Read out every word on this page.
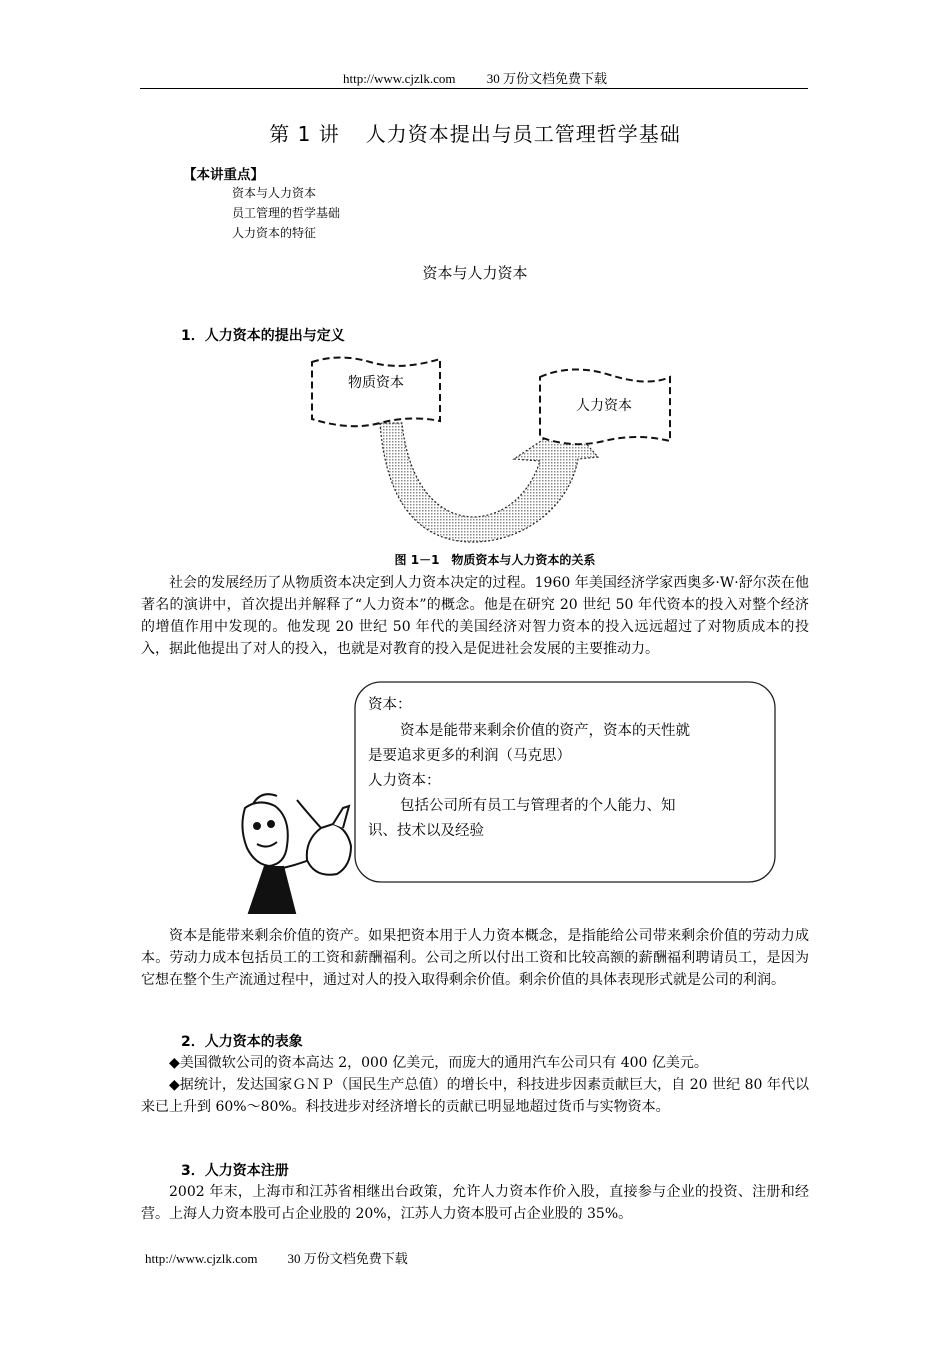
http://www.cjzlk.com 30 万份文档免费下载
第 1 讲 人力资本提出与员工管理哲学基础
【本讲重点】
资本与人力资本
员工管理的哲学基础
人力资本的特征
资本与人力资本
1．人力资本的提出与定义
物质资本
人力资本
图 1－1　物质资本与人力资本的关系
社会的发展经历了从物质资本决定到人力资本决定的过程。1960 年美国经济学家西奥多·W·舒尔茨在他著名的演讲中，首次提出并解释了“人力资本”的概念。他是在研究 20 世纪 50 年代资本的投入对整个经济的增值作用中发现的。他发现 20 世纪 50 年代的美国经济对智力资本的投入远远超过了对物质成本的投入，据此他提出了对人的投入，也就是对教育的投入是促进社会发展的主要推动力。
资本：
资本是能带来剩余价值的资产，资本的天性就
是要追求更多的利润（马克思）
人力资本：
包括公司所有员工与管理者的个人能力、知
识、技术以及经验
资本是能带来剩余价值的资产。如果把资本用于人力资本概念，是指能给公司带来剩余价值的劳动力成本。劳动力成本包括员工的工资和薪酬福利。公司之所以付出工资和比较高额的薪酬福利聘请员工，是因为它想在整个生产流通过程中，通过对人的投入取得剩余价值。剩余价值的具体表现形式就是公司的利润。
2．人力资本的表象
◆美国微软公司的资本高达 2，000 亿美元，而庞大的通用汽车公司只有 400 亿美元。
◆据统计，发达国家ＧＮＰ（国民生产总值）的增长中，科技进步因素贡献巨大，自 20 世纪 80 年代以来已上升到 60%～80%。科技进步对经济增长的贡献已明显地超过货币与实物资本。
3．人力资本注册
2002 年末，上海市和江苏省相继出台政策，允许人力资本作价入股，直接参与企业的投资、注册和经营。上海人力资本股可占企业股的 20%，江苏人力资本股可占企业股的 35%。
http://www.cjzlk.com 30 万份文档免费下载
